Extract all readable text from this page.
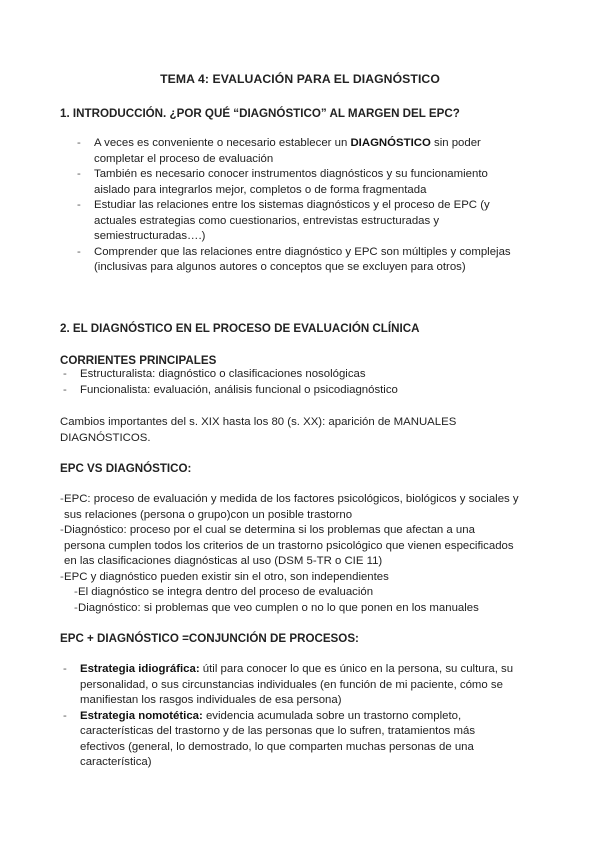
TEMA 4: EVALUACIÓN PARA EL DIAGNÓSTICO
1. INTRODUCCIÓN. ¿POR QUÉ “DIAGNÓSTICO” AL MARGEN DEL EPC?
- A veces es conveniente o necesario establecer un DIAGNÓSTICO sin poder completar el proceso de evaluación
- También es necesario conocer instrumentos diagnósticos y su funcionamiento aislado para integrarlos mejor, completos o de forma fragmentada
- Estudiar las relaciones entre los sistemas diagnósticos y el proceso de EPC (y actuales estrategias como cuestionarios, entrevistas estructuradas y semiestructuradas….)
- Comprender que las relaciones entre diagnóstico y EPC son múltiples y complejas (inclusivas para algunos autores o conceptos que se excluyen para otros)
2. EL DIAGNÓSTICO EN EL PROCESO DE EVALUACIÓN CLÍNICA
CORRIENTES PRINCIPALES
- Estructuralista: diagnóstico o clasificaciones nosológicas
- Funcionalista: evaluación, análisis funcional o psicodiagnóstico
Cambios importantes del s. XIX hasta los 80 (s. XX): aparición de MANUALES DIAGNÓSTICOS.
EPC VS DIAGNÓSTICO:
- EPC: proceso de evaluación y medida de los factores psicológicos, biológicos y sociales y sus relaciones (persona o grupo)con un posible trastorno
- Diagnóstico: proceso por el cual se determina si los problemas que afectan a una persona cumplen todos los criterios de un trastorno psicológico que vienen especificados en las clasificaciones diagnósticas al uso (DSM 5-TR o CIE 11)
- EPC y diagnóstico pueden existir sin el otro, son independientes
- El diagnóstico se integra dentro del proceso de evaluación
- Diagnóstico: si problemas que veo cumplen o no lo que ponen en los manuales
EPC + DIAGNÓSTICO =CONJUNCIÓN DE PROCESOS:
- Estrategia idiográfica: útil para conocer lo que es único en la persona, su cultura, su personalidad, o sus circunstancias individuales (en función de mi paciente, cómo se manifiestan los rasgos individuales de esa persona)
- Estrategia nomotética: evidencia acumulada sobre un trastorno completo, características del trastorno y de las personas que lo sufren, tratamientos más efectivos (general, lo demostrado, lo que comparten muchas personas de una característica)
